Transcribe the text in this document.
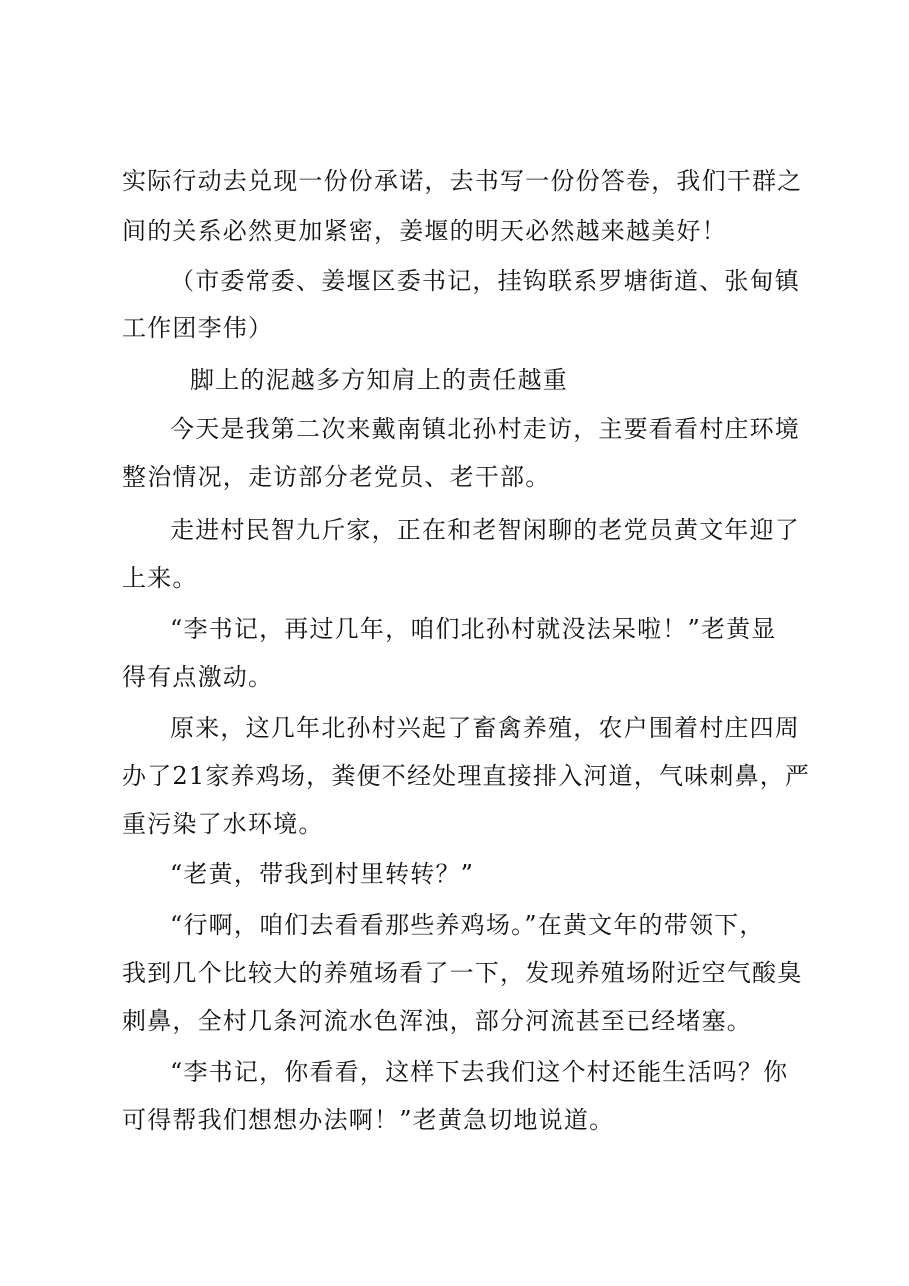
实际行动去兑现一份份承诺，去书写一份份答卷，我们干群之
间的关系必然更加紧密，姜堰的明天必然越来越美好！
（市委常委、姜堰区委书记，挂钩联系罗塘街道、张甸镇
工作团李伟）
脚上的泥越多方知肩上的责任越重
今天是我第二次来戴南镇北孙村走访，主要看看村庄环境
整治情况，走访部分老党员、老干部。
走进村民智九斤家，正在和老智闲聊的老党员黄文年迎了
上来。
“李书记，再过几年，咱们北孙村就没法呆啦！”老黄显
得有点激动。
原来，这几年北孙村兴起了畜禽养殖，农户围着村庄四周
办了21家养鸡场，粪便不经处理直接排入河道，气味刺鼻，严
重污染了水环境。
“老黄，带我到村里转转？”
“行啊，咱们去看看那些养鸡场。”在黄文年的带领下，
我到几个比较大的养殖场看了一下，发现养殖场附近空气酸臭
刺鼻，全村几条河流水色浑浊，部分河流甚至已经堵塞。
“李书记，你看看，这样下去我们这个村还能生活吗？你
可得帮我们想想办法啊！”老黄急切地说道。
